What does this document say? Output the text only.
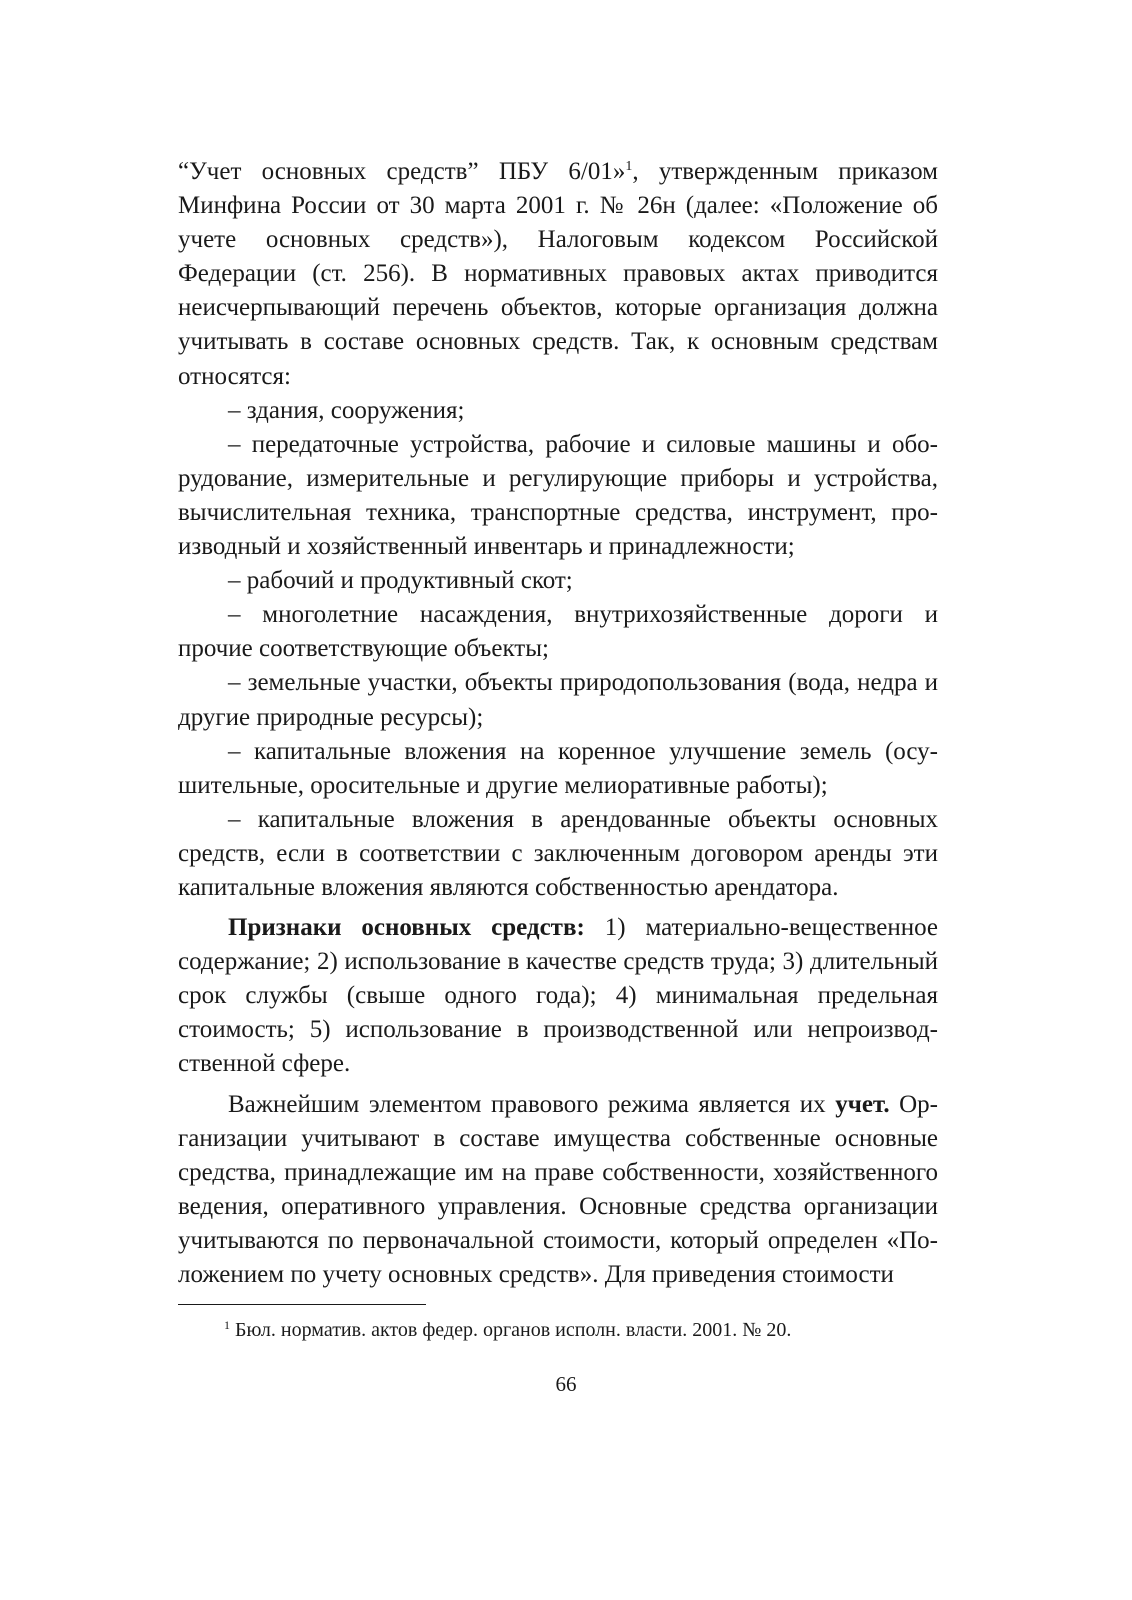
“Учет основных средств” ПБУ 6/01»$^1$, утвержденным приказом Минфина России от 30 марта 2001 г. № 26н (далее: «Положение об учете основных средств»), Налоговым кодексом Российской Федерации (ст. 256). В нормативных правовых актах приводится неисчерпывающий перечень объектов, которые организация должна учитывать в составе основных средств. Так, к основным средствам относятся:

– здания, сооружения;

– передаточные устройства, рабочие и силовые машины и оборудование, измерительные и регулирующие приборы и устройства, вычислительная техника, транспортные средства, инструмент, производный и хозяйственный инвентарь и принадлежности;

– рабочий и продуктивный скот;

– многолетние насаждения, внутрихозяйственные дороги и прочие соответствующие объекты;

– земельные участки, объекты природопользования (вода, недра и другие природные ресурсы);

– капитальные вложения на коренное улучшение земель (осушительные, оросительные и другие мелиоративные работы);

– капитальные вложения в арендованные объекты основных средств, если в соответствии с заключенным договором аренды эти капитальные вложения являются собственностью арендатора.

Признаки основных средств: 1) материально-вещественное содержание; 2) использование в качестве средств труда; 3) длительный срок службы (свыше одного года); 4) минимальная предельная стоимость; 5) использование в производственной или непроизводственной сфере.

Важнейшим элементом правового режима является их учет. Организации учитывают в составе имущества собственные основные средства, принадлежащие им на праве собственности, хозяйственного ведения, оперативного управления. Основные средства организации учитываются по первоначальной стоимости, который определен «Положением по учету основных средств». Для приведения стоимости

$^1$ Бюл. норматив. актов федер. органов исполн. власти. 2001. № 20.
66
